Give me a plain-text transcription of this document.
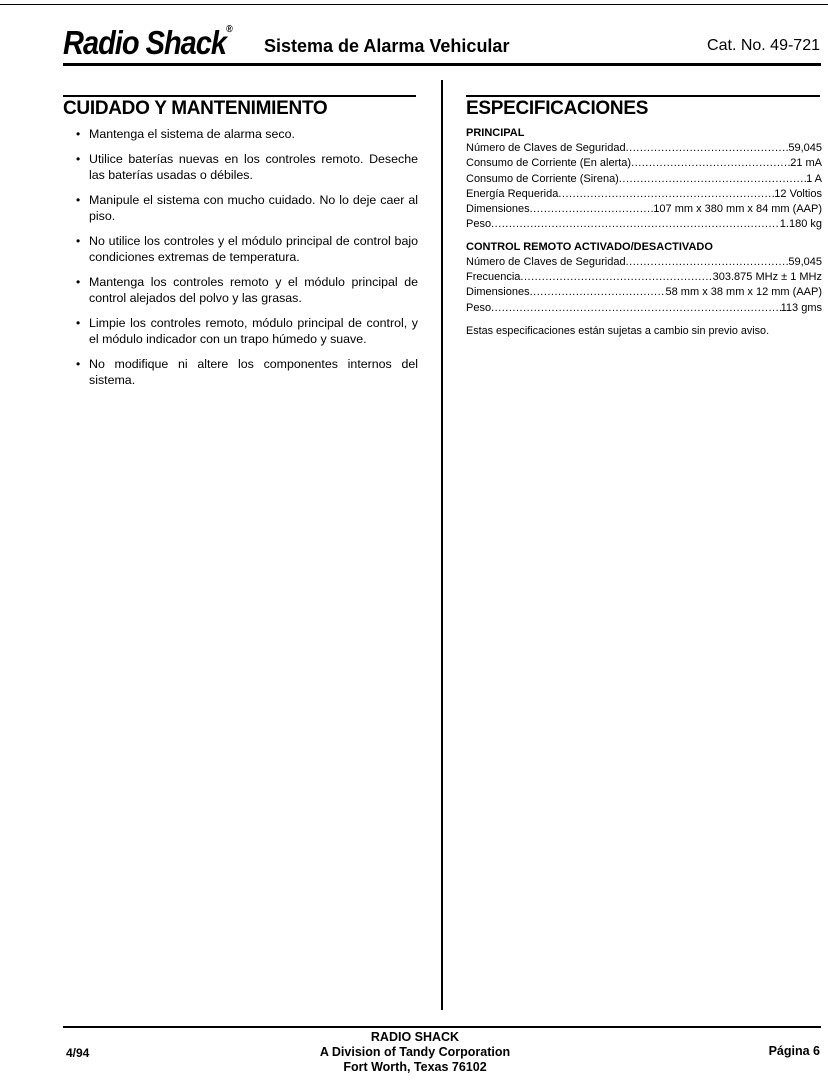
Radio Shack®
Sistema de Alarma Vehicular	Cat. No. 49-721
CUIDADO Y MANTENIMIENTO
• Mantenga el sistema de alarma seco.
• Utilice baterías nuevas en los controles remoto. Deseche las baterías usadas o débiles.
• Manipule el sistema con mucho cuidado. No lo deje caer al piso.
• No utilice los controles y el módulo principal de control bajo condiciones extremas de temperatura.
• Mantenga los controles remoto y el módulo principal de control alejados del polvo y las grasas.
• Limpie los controles remoto, módulo principal de control, y el módulo indicador con un trapo húmedo y suave.
• No modifique ni altere los componentes internos del sistema.
ESPECIFICACIONES
PRINCIPAL
Número de Claves de Seguridad .....	59,045
Consumo de Corriente (En alerta) .....	21 mA
Consumo de Corriente (Sirena) .....	1 A
Energía Requerida .....	12 Voltios
Dimensiones .....	107 mm x 380 mm x 84 mm (AAP)
Peso .....	1.180 kg
CONTROL REMOTO ACTIVADO/DESACTIVADO
Número de Claves de Seguridad .....	59,045
Frecuencia .....	303.875 MHz ± 1 MHz
Dimensiones .....	58 mm x 38 mm x 12 mm (AAP)
Peso .....	113 gms
Estas especificaciones están sujetas a cambio sin previo aviso.
4/94
RADIO SHACK
A Division of Tandy Corporation
Fort Worth, Texas 76102
Página 6
